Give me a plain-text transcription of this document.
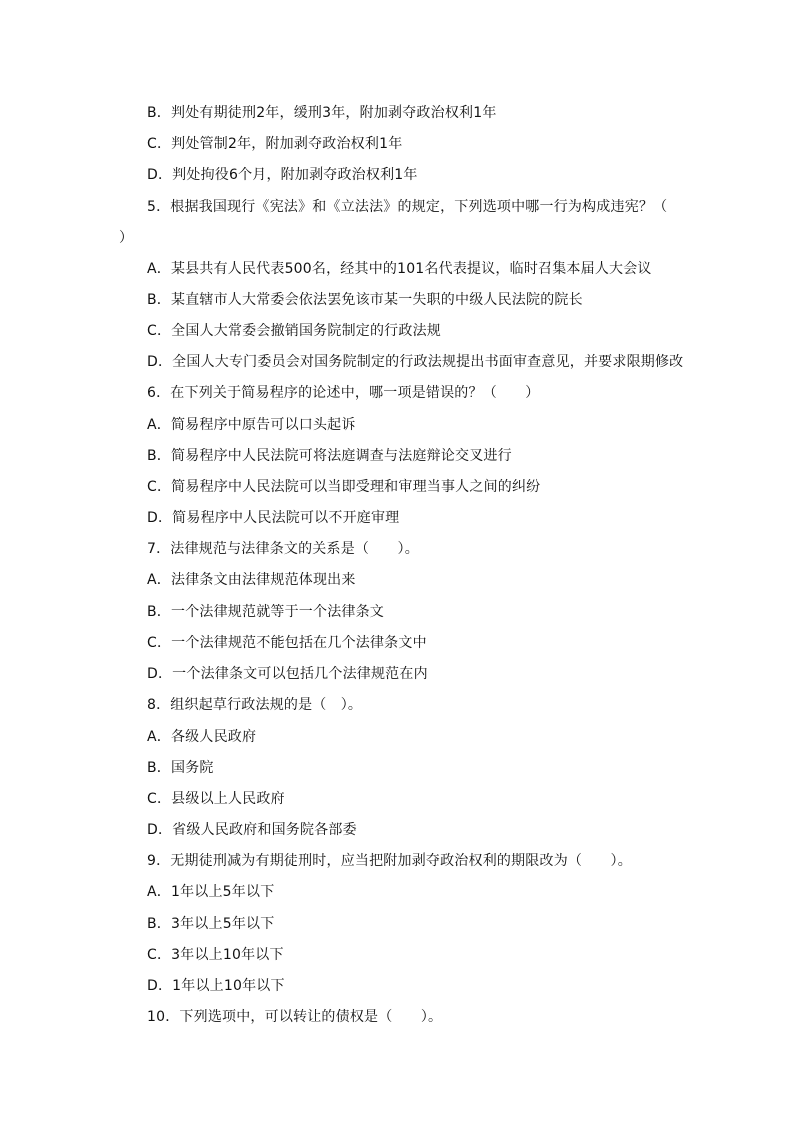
B．判处有期徒刑2年，缓刑3年，附加剥夺政治权利1年
C．判处管制2年，附加剥夺政治权利1年
D．判处拘役6个月，附加剥夺政治权利1年
5．根据我国现行《宪法》和《立法法》的规定，下列选项中哪一行为构成违宪？（
）
A．某县共有人民代表500名，经其中的101名代表提议，临时召集本届人大会议
B．某直辖市人大常委会依法罢免该市某一失职的中级人民法院的院长
C．全国人大常委会撤销国务院制定的行政法规
D．全国人大专门委员会对国务院制定的行政法规提出书面审查意见，并要求限期修改
6．在下列关于简易程序的论述中，哪一项是错误的？（　　）
A．简易程序中原告可以口头起诉
B．简易程序中人民法院可将法庭调查与法庭辩论交叉进行
C．简易程序中人民法院可以当即受理和审理当事人之间的纠纷
D．简易程序中人民法院可以不开庭审理
7．法律规范与法律条文的关系是（　　）。
A．法律条文由法律规范体现出来
B．一个法律规范就等于一个法律条文
C．一个法律规范不能包括在几个法律条文中
D．一个法律条文可以包括几个法律规范在内
8．组织起草行政法规的是（　）。
A．各级人民政府
B．国务院
C．县级以上人民政府
D．省级人民政府和国务院各部委
9．无期徒刑减为有期徒刑时，应当把附加剥夺政治权利的期限改为（　　）。
A．1年以上5年以下
B．3年以上5年以下
C．3年以上10年以下
D．1年以上10年以下
10．下列选项中，可以转让的债权是（　　）。
